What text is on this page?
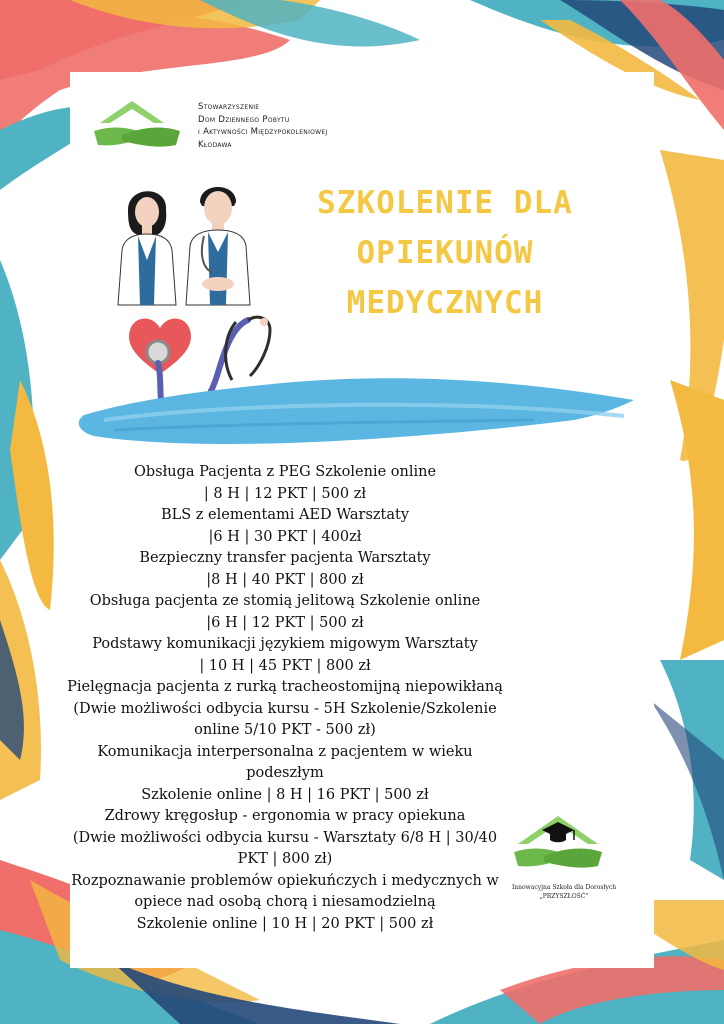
Stowarzyszenie
Dom Dziennego Pobytu
i Aktywności Międzypokoleniowej
Kłodawa
SZKOLENIE DLA
OPIEKUNÓW
MEDYCZNYCH
Obsługa Pacjenta z PEG Szkolenie online
| 8 H | 12 PKT | 500 zł
BLS z elementami AED Warsztaty
|6 H | 30 PKT | 400zł
Bezpieczny transfer pacjenta Warsztaty
|8 H | 40 PKT | 800 zł
Obsługa pacjenta ze stomią jelitową Szkolenie online
|6 H | 12 PKT | 500 zł
Podstawy komunikacji językiem migowym Warsztaty
| 10 H | 45 PKT | 800 zł
Pielęgnacja pacjenta z rurką tracheostomijną niepowikłaną
(Dwie możliwości odbycia kursu - 5H Szkolenie/Szkolenie
online 5/10 PKT - 500 zł)
Komunikacja interpersonalna z pacjentem w wieku
podeszłym
Szkolenie online | 8 H | 16 PKT | 500 zł
Zdrowy kręgosłup - ergonomia w pracy opiekuna
(Dwie możliwości odbycia kursu - Warsztaty 6/8 H | 30/40
PKT | 800 zł)
Rozpoznawanie problemów opiekuńczych i medycznych w
opiece nad osobą chorą i niesamodzielną
Szkolenie online | 10 H | 20 PKT | 500 zł
Innowacyjna Szkoła dla Dorosłych
„PRZYSZŁOŚĆ”
